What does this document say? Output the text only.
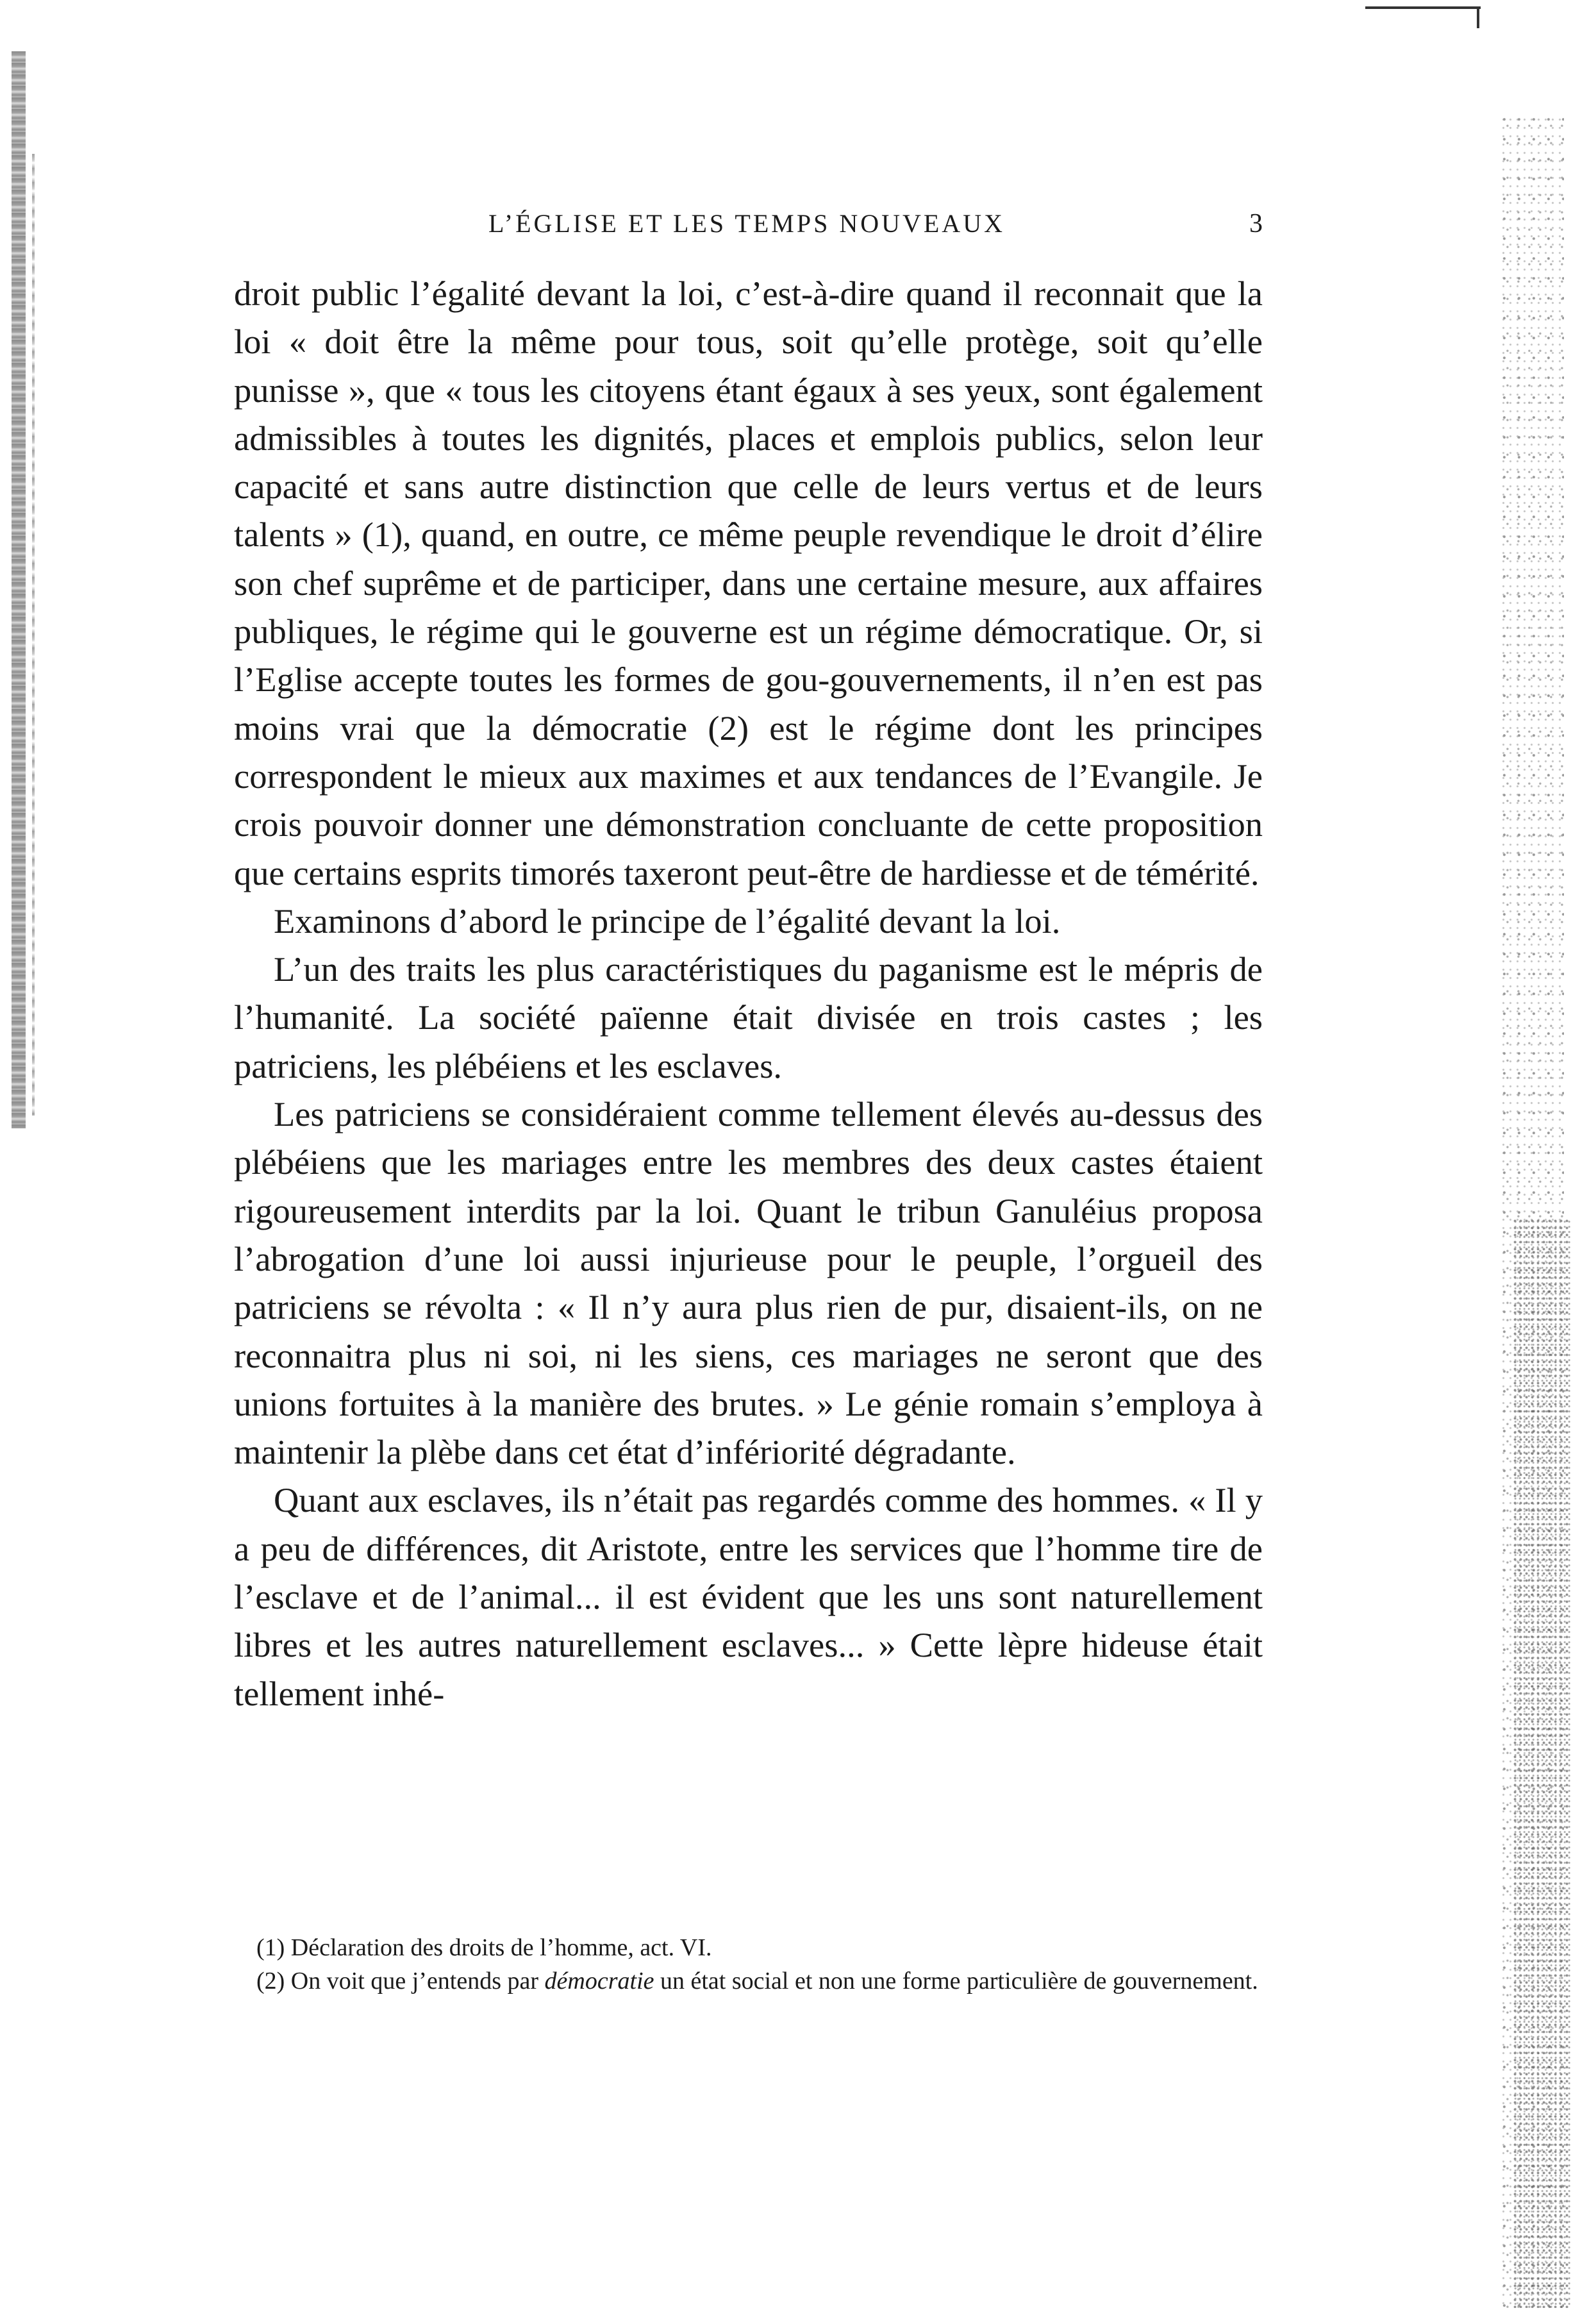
L’ÉGLISE ET LES TEMPS NOUVEAUX	3

droit public l’égalité devant la loi, c’est-à-dire quand il reconnait que la loi « doit être la même pour tous, soit qu’elle protège, soit qu’elle punisse », que « tous les citoyens étant égaux à ses yeux, sont également admissibles à toutes les dignités, places et emplois publics, selon leur capacité et sans autre distinction que celle de leurs vertus et de leurs talents » (1), quand, en outre, ce même peuple revendique le droit d’élire son chef suprême et de participer, dans une certaine mesure, aux affaires publiques, le régime qui le gouverne est un régime démocratique. Or, si l’Eglise accepte toutes les formes de gou-gouvernements, il n’en est pas moins vrai que la démocratie (2) est le régime dont les principes correspondent le mieux aux maximes et aux tendances de l’Evangile. Je crois pouvoir donner une démonstration concluante de cette proposition que certains esprits timorés taxeront peut-être de hardiesse et de témérité.

Examinons d’abord le principe de l’égalité devant la loi.

L’un des traits les plus caractéristiques du paganisme est le mépris de l’humanité. La société païenne était divisée en trois castes ; les patriciens, les plébéiens et les esclaves.

Les patriciens se considéraient comme tellement élevés au-dessus des plébéiens que les mariages entre les membres des deux castes étaient rigoureusement interdits par la loi. Quant le tribun Ganuléius proposa l’abrogation d’une loi aussi injurieuse pour le peuple, l’orgueil des patriciens se révolta : « Il n’y aura plus rien de pur, disaient-ils, on ne reconnaitra plus ni soi, ni les siens, ces mariages ne seront que des unions fortuites à la manière des brutes. » Le génie romain s’employa à maintenir la plèbe dans cet état d’infériorité dégradante.

Quant aux esclaves, ils n’était pas regardés comme des hommes. « Il y a peu de différences, dit Aristote, entre les services que l’homme tire de l’esclave et de l’animal... il est évident que les uns sont naturellement libres et les autres naturellement esclaves... » Cette lèpre hideuse était tellement inhé-

(1) Déclaration des droits de l’homme, act. VI.

(2) On voit que j’entends par démocratie un état social et non une forme particulière de gouvernement.
